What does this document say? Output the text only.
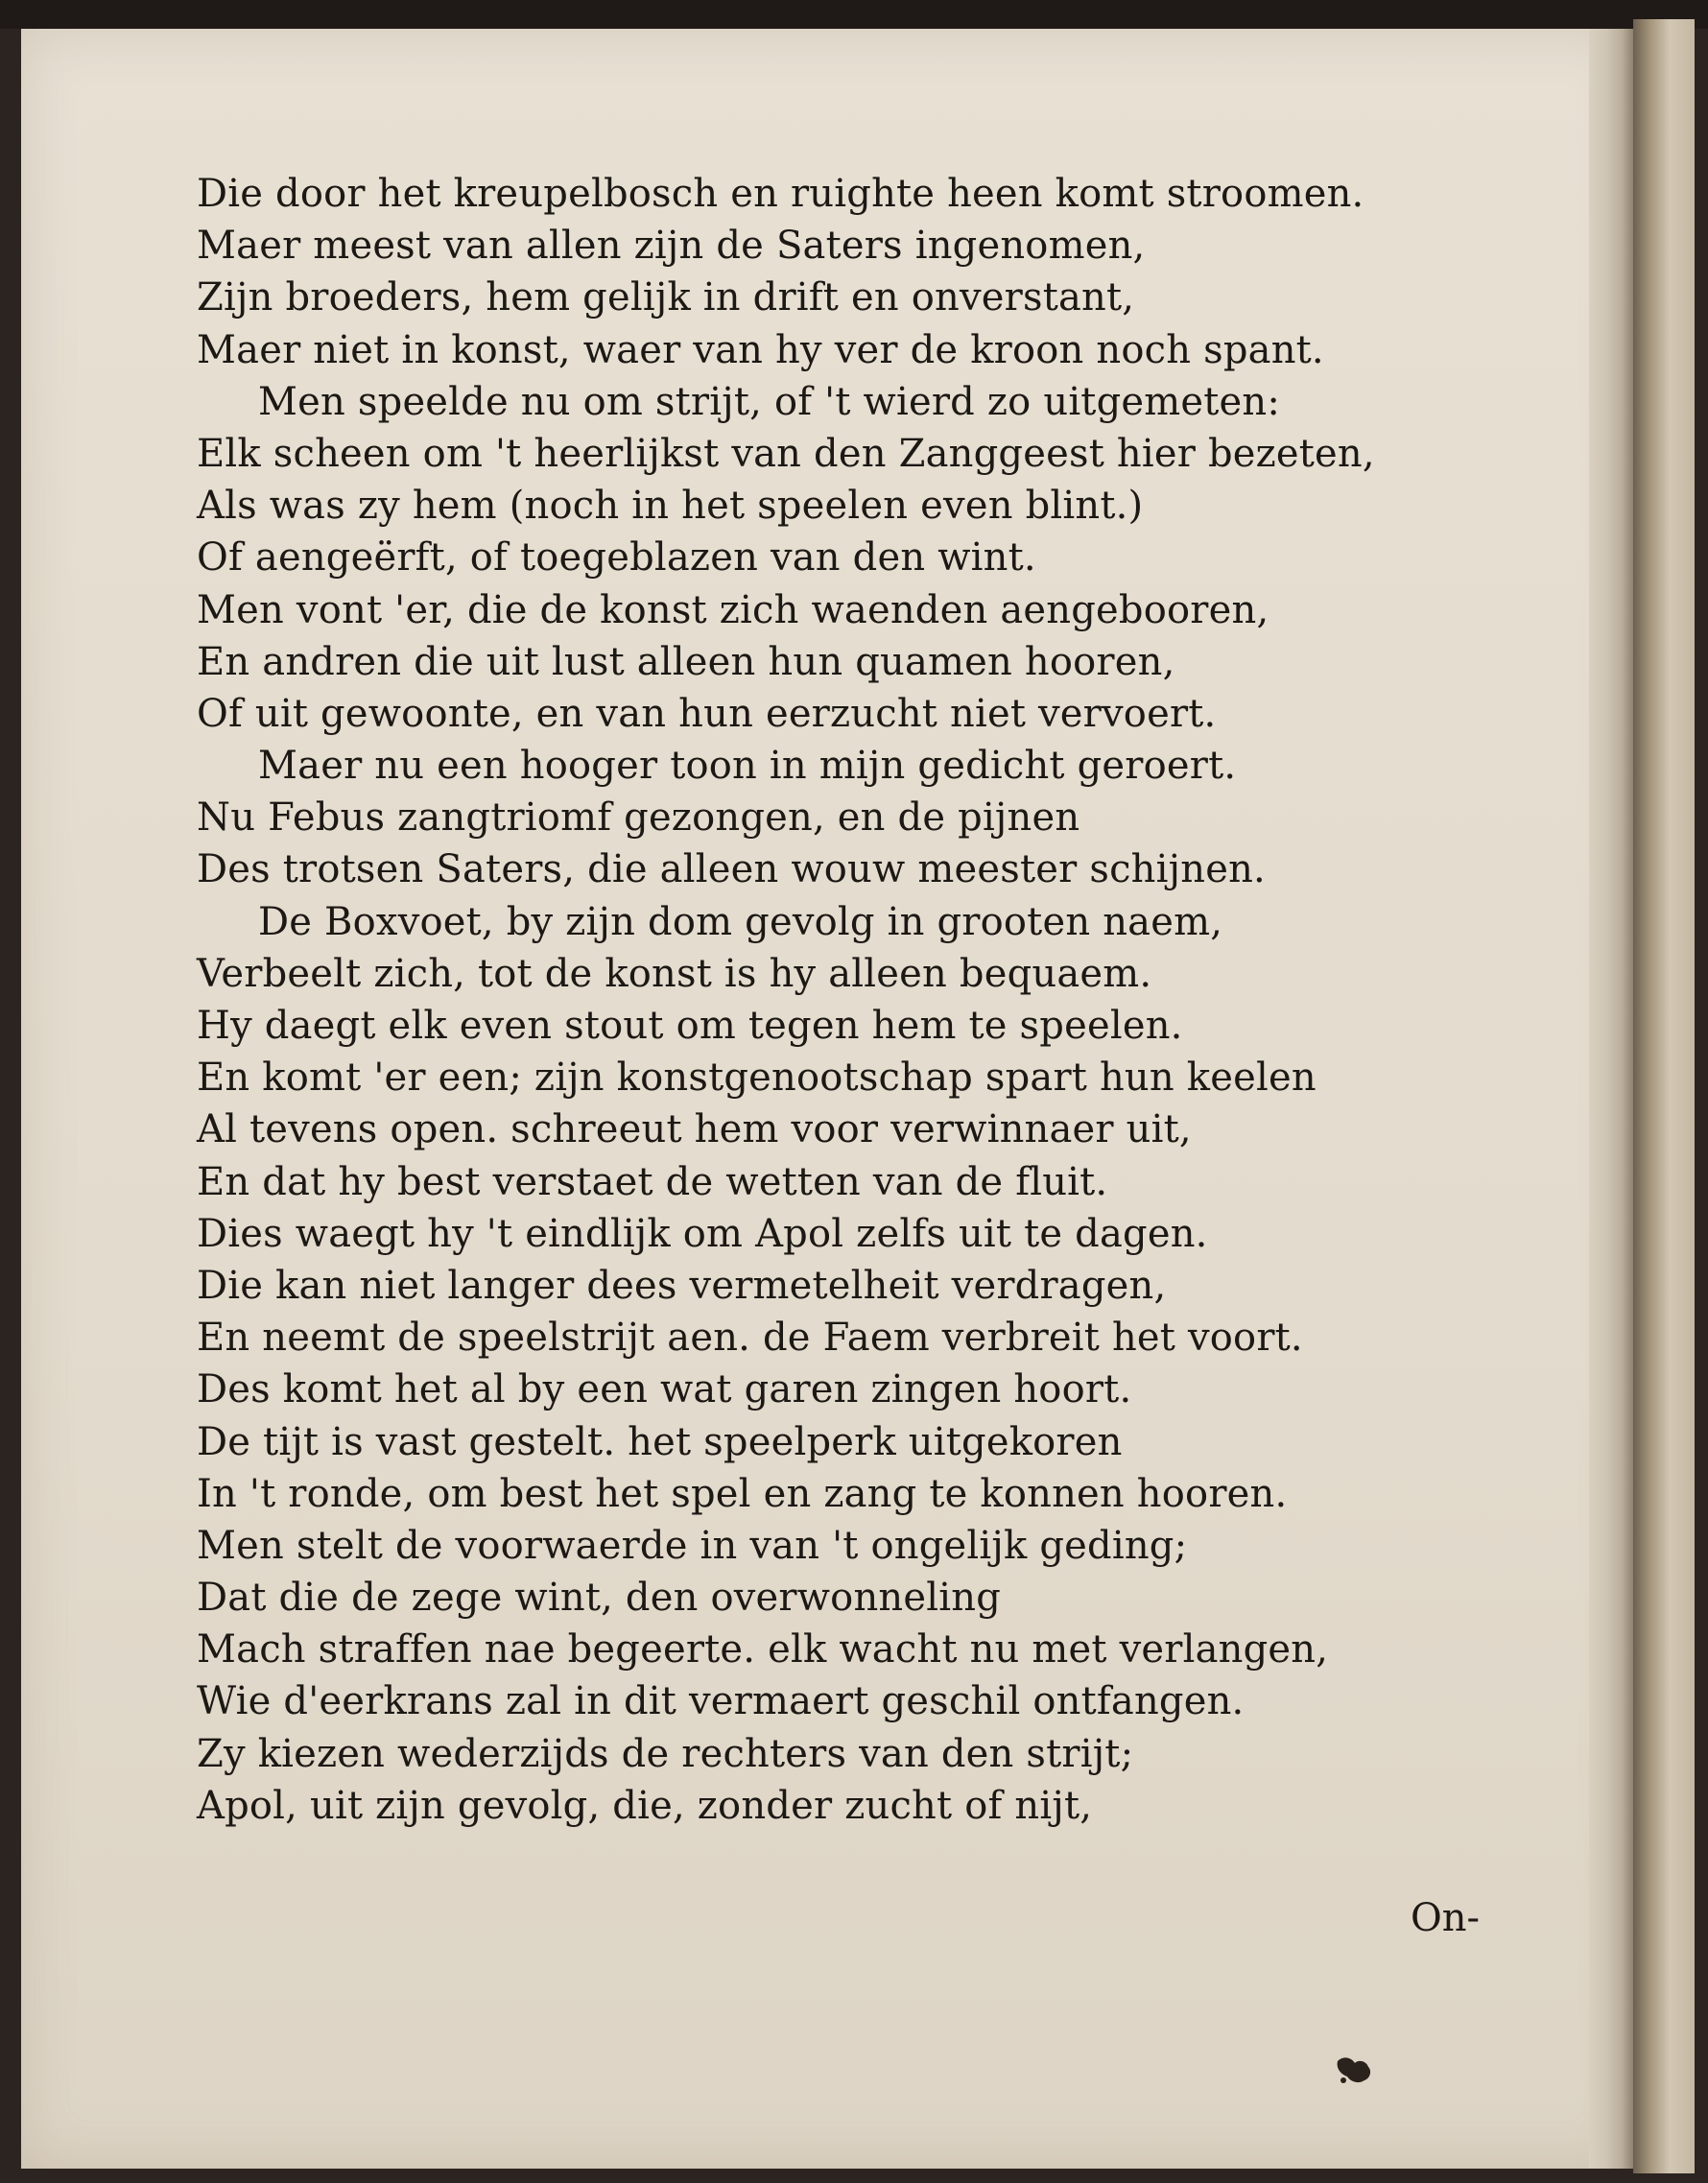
Die door het kreupelbosch en ruighte heen komt stroomen.
Maer meest van allen zijn de Saters ingenomen,
Zijn broeders, hem gelijk in drift en onverstant,
Maer niet in konst, waer van hy ver de kroon noch spant.
Men speelde nu om strijt, of 't wierd zo uitgemeten:
Elk scheen om 't heerlijkst van den Zanggeest hier bezeten,
Als was zy hem (noch in het speelen even blint.)
Of aengeërft, of toegeblazen van den wint.
Men vont 'er, die de konst zich waenden aengebooren,
En andren die uit lust alleen hun quamen hooren,
Of uit gewoonte, en van hun eerzucht niet vervoert.
Maer nu een hooger toon in mijn gedicht geroert.
Nu Febus zangtriomf gezongen, en de pijnen
Des trotsen Saters, die alleen wouw meester schijnen.
De Boxvoet, by zijn dom gevolg in grooten naem,
Verbeelt zich, tot de konst is hy alleen bequaem.
Hy daegt elk even stout om tegen hem te speelen.
En komt 'er een; zijn konstgenootschap spart hun keelen
Al tevens open. schreeut hem voor verwinnaer uit,
En dat hy best verstaet de wetten van de fluit.
Dies waegt hy 't eindlijk om Apol zelfs uit te dagen.
Die kan niet langer dees vermetelheit verdragen,
En neemt de speelstrijt aen. de Faem verbreit het voort.
Des komt het al by een wat garen zingen hoort.
De tijt is vast gestelt. het speelperk uitgekoren
In 't ronde, om best het spel en zang te konnen hooren.
Men stelt de voorwaerde in van 't ongelijk geding;
Dat die de zege wint, den overwonneling
Mach straffen nae begeerte. elk wacht nu met verlangen,
Wie d'eerkrans zal in dit vermaert geschil ontfangen.
Zy kiezen wederzijds de rechters van den strijt;
Apol, uit zijn gevolg, die, zonder zucht of nijt,
On-
